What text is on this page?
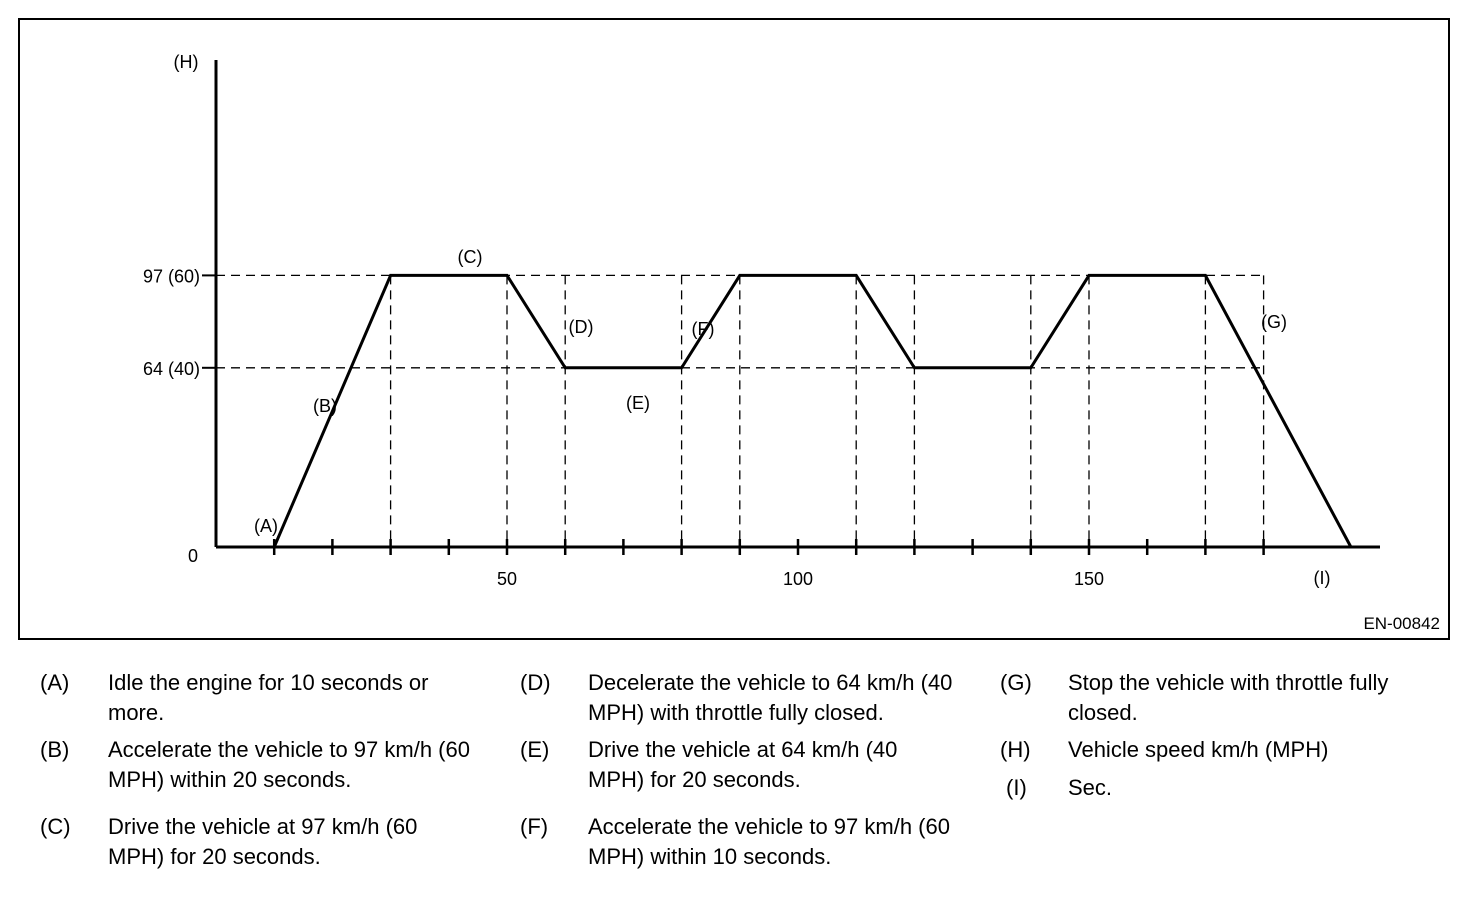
0
64 (40)
97 (60)
50	100	150
(H)
(I)
(A)
(B)
(C)
(D)
(E)
(F)	(G)
EN-00842
(A) Idle the engine for 10 seconds or more.
(B) Accelerate the vehicle to 97 km/h (60 MPH) within 20 seconds.
(C) Drive the vehicle at 97 km/h (60 MPH) for 20 seconds.
(D) Decelerate the vehicle to 64 km/h (40 MPH) with throttle fully closed.
(E) Drive the vehicle at 64 km/h (40 MPH) for 20 seconds.
(F) Accelerate the vehicle to 97 km/h (60 MPH) within 10 seconds.
(G) Stop the vehicle with throttle fully closed.
(H) Vehicle speed km/h (MPH)
(I) Sec.
